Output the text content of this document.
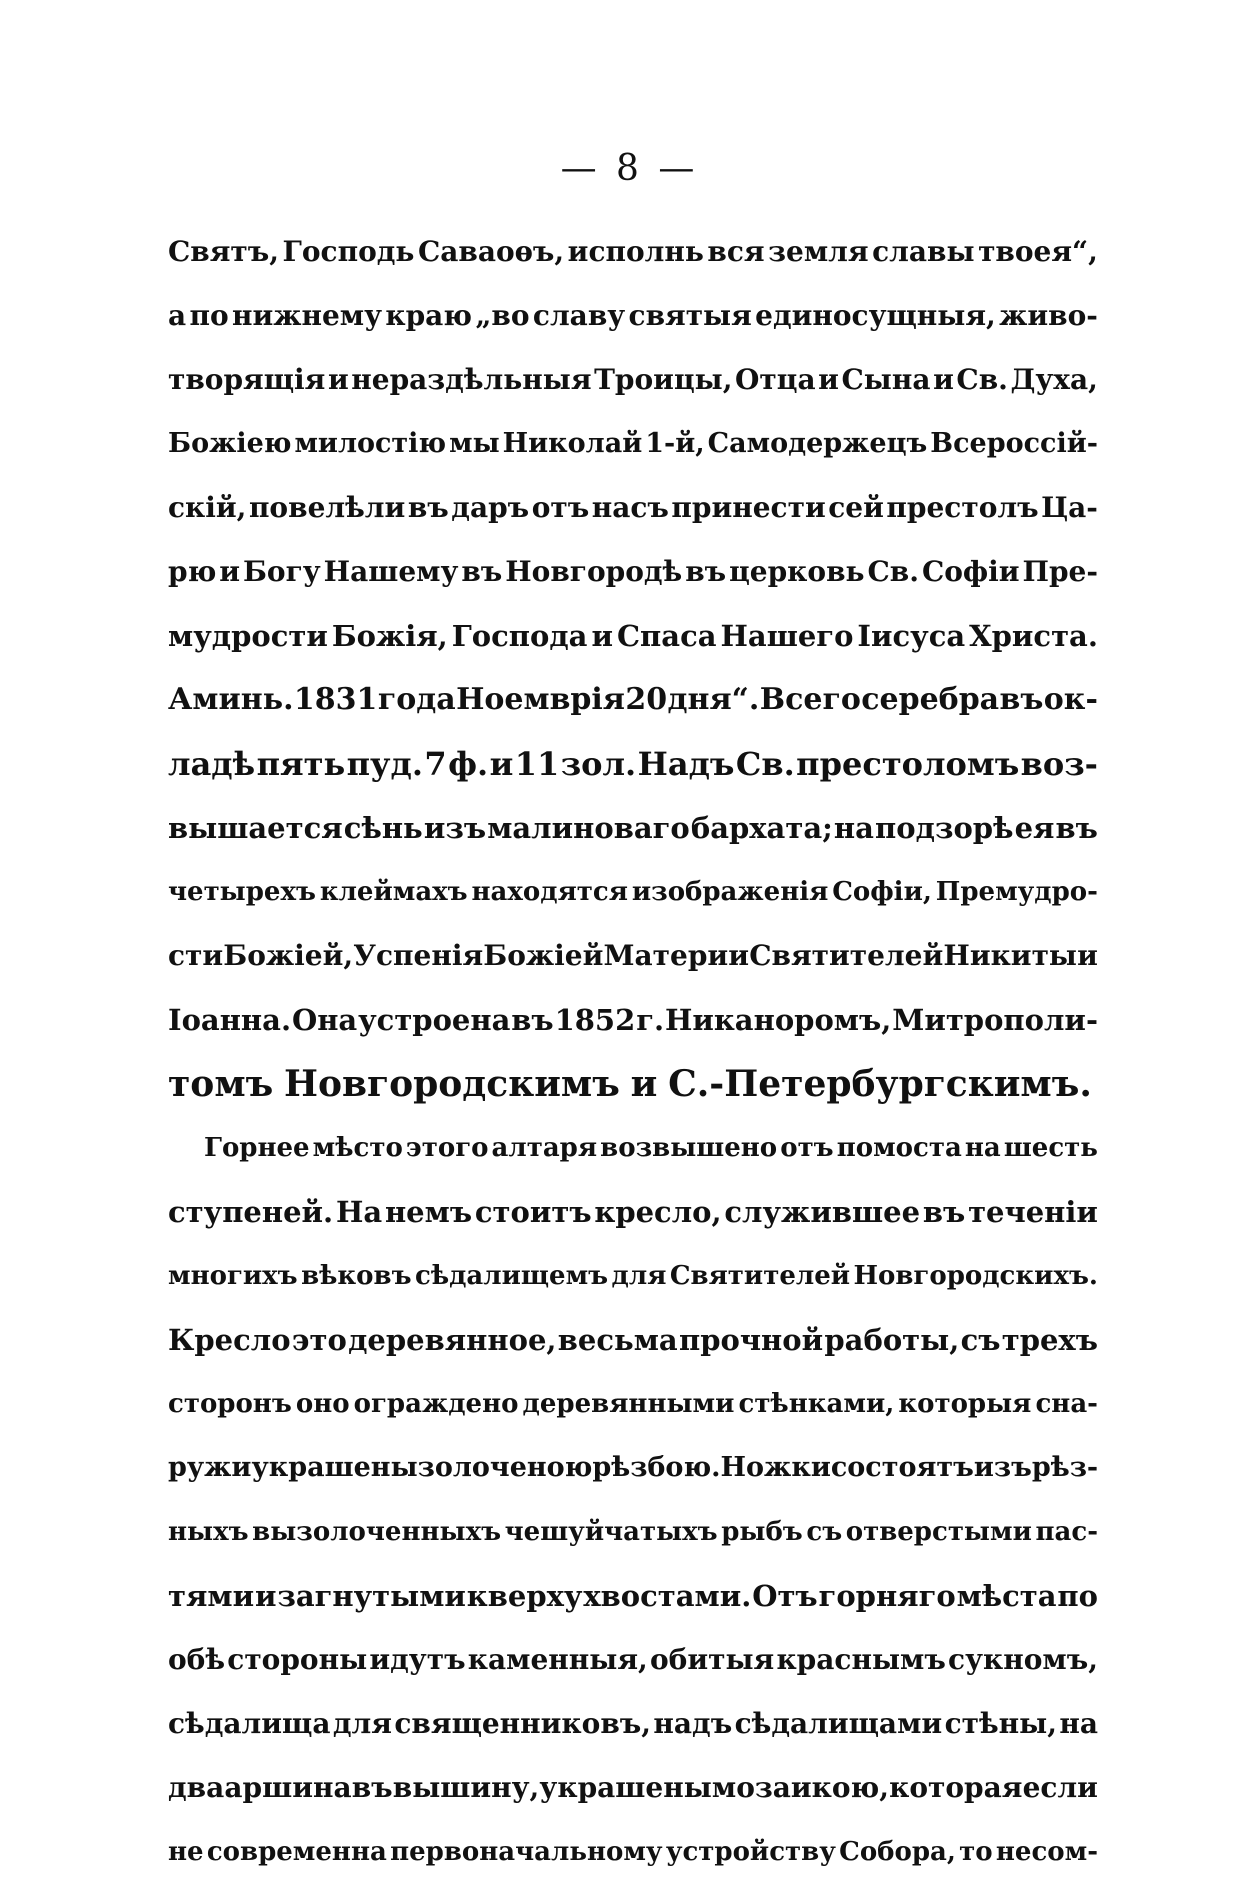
— 8 —
Святъ, Господь Саваоѳъ, исполнь вся земля славы твоея“,
а по нижнему краю „во славу святыя единосущныя, живо-
творящія и нераздѣльныя Троицы, Отца и Сына и Св. Духа,
Божіею милостію мы Николай 1-й, Самодержецъ Всероссій-
скій, повелѣли въ даръ отъ насъ принести сей престолъ Ца-
рю и Богу Нашему въ Новгородѣ въ церковь Св. Софіи Пре-
мудрости Божія, Господа и Спаса Нашего Іисуса Христа.
Аминь. 1831 года Ноемврія 20 дня“. Всего серебра въ ок-
ладѣ пять пуд. 7 ф. и 11 зол. Надъ Св. престоломъ воз-
вышается сѣнь изъ малиноваго бархата; на подзорѣ ея въ
четырехъ клеймахъ находятся изображенія Софіи, Премудро-
сти Божіей, Успенія Божіей Матери и Святителей Никиты и
Іоанна. Она устроена въ 1852 г. Никаноромъ, Митрополи-
томъ Новгородскимъ и С.-Петербургскимъ.
Горнее мѣсто этого алтаря возвышено отъ помоста на шесть
ступеней. На немъ стоитъ кресло, служившее въ теченіи
многихъ вѣковъ сѣдалищемъ для Святителей Новгородскихъ.
Кресло это деревянное, весьма прочной работы, съ трехъ
сторонъ оно ограждено деревянными стѣнками, которыя сна-
ружи украшены золоченою рѣзбою. Ножки состоятъ изъ рѣз-
ныхъ вызолоченныхъ чешуйчатыхъ рыбъ съ отверстыми пас-
тями и загнутыми кверху хвостами. Отъ горняго мѣста по
обѣ стороны идутъ каменныя, обитыя краснымъ сукномъ,
сѣдалища для священниковъ, надъ сѣдалищами стѣны, на
два аршина въ вышину, украшены мозаикою, которая если
не современна первоначальному устройству Собора, то несом-
